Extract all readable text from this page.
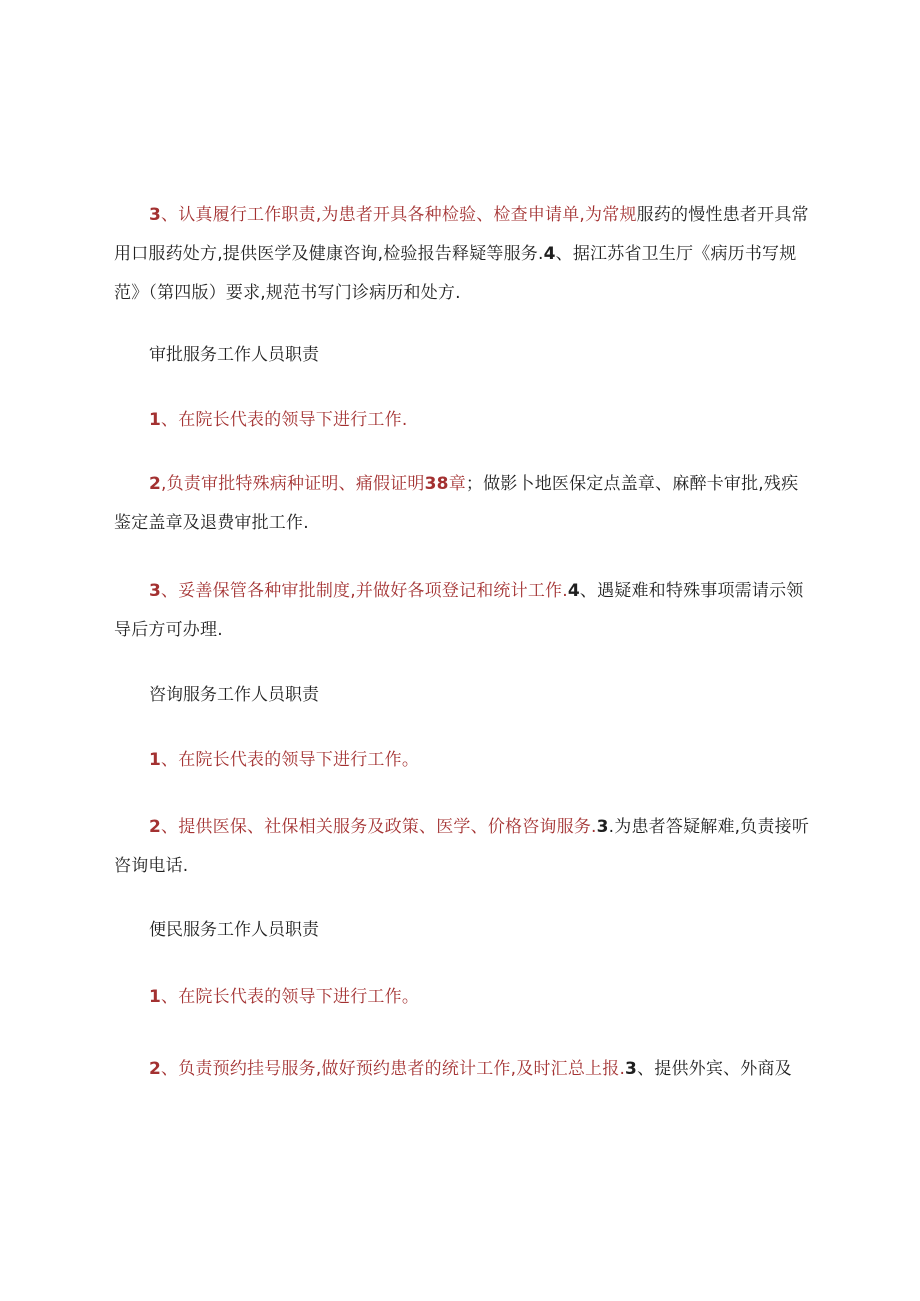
3、认真履行工作职责,为患者开具各种检验、检查申请单,为常规服药的慢性患者开具常用口服药处方,提供医学及健康咨询,检验报告释疑等服务.4、据江苏省卫生厅《病历书写规范》（第四版）要求,规范书写门诊病历和处方.

审批服务工作人员职责

1、在院长代表的领导下进行工作.

2,负责审批特殊病种证明、痛假证明38章；做影卜地医保定点盖章、麻醉卡审批,残疾鉴定盖章及退费审批工作.

3、妥善保管各种审批制度,并做好各项登记和统计工作.4、遇疑难和特殊事项需请示领导后方可办理.

咨询服务工作人员职责

1、在院长代表的领导下进行工作。

2、提供医保、社保相关服务及政策、医学、价格咨询服务.3.为患者答疑解难,负责接听咨询电话.

便民服务工作人员职责

1、在院长代表的领导下进行工作。

2、负责预约挂号服务,做好预约患者的统计工作,及时汇总上报.3、提供外宾、外商及
